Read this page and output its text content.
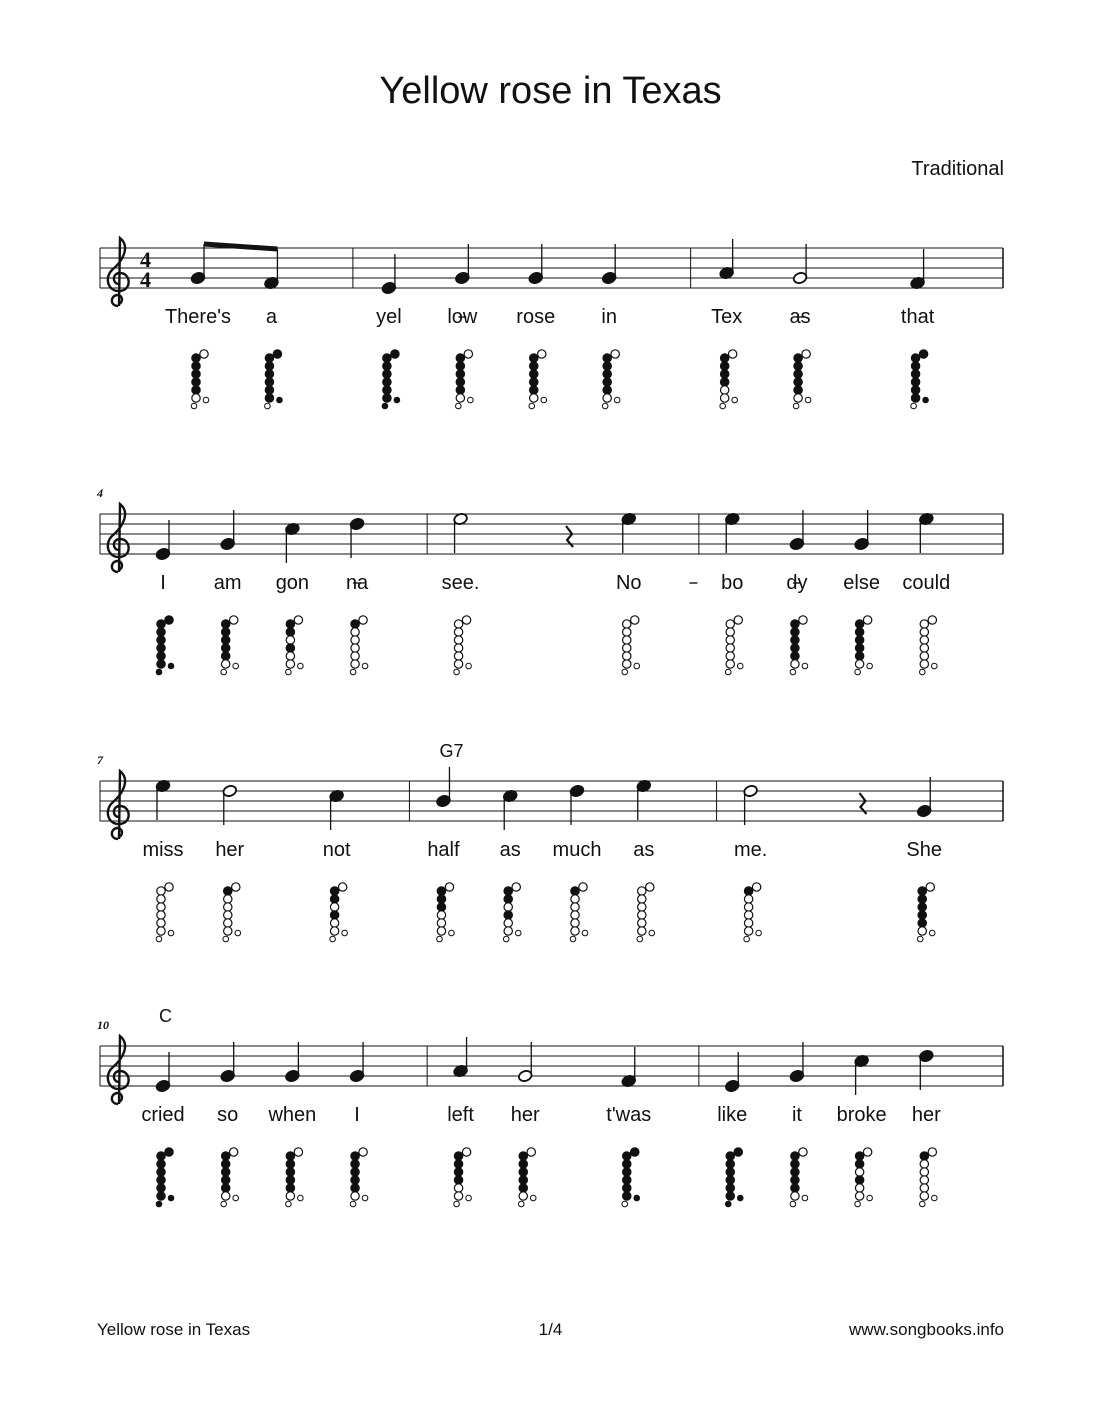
Yellow rose in Texas
Traditional
4
4
There's a	yel low rose in	Tex as	that
4
I am gon na	see.	No	bo dy else could
7
miss her	not	half
G7
as much as	me.	She
10
cried
C
so when I	left her	t'was	like it broke her
Yellow rose in Texas	1/4	www.songbooks.info
